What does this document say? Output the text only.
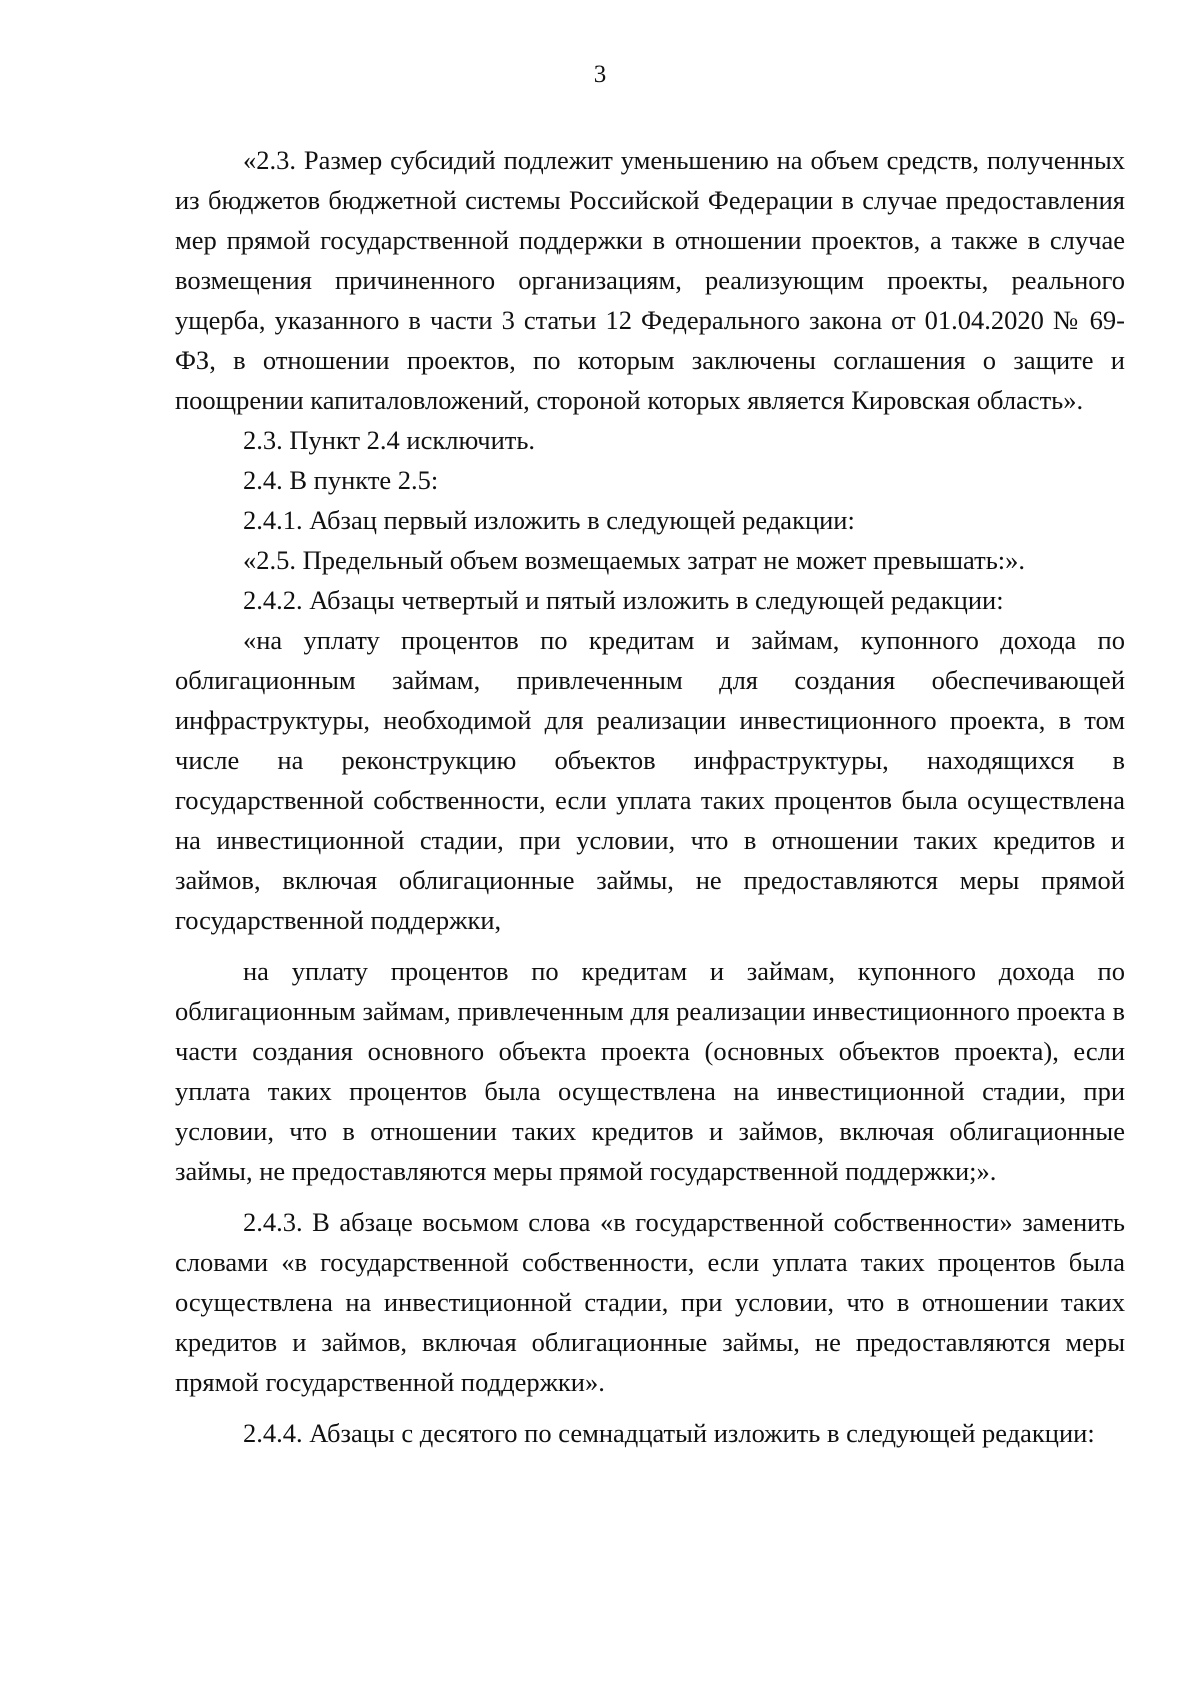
3

«2.3. Размер субсидий подлежит уменьшению на объем средств, полученных из бюджетов бюджетной системы Российской Федерации в случае предоставления мер прямой государственной поддержки в отношении проектов, а также в случае возмещения причиненного организациям, реализующим проекты, реального ущерба, указанного в части 3 статьи 12 Федерального закона от 01.04.2020 № 69-ФЗ, в отношении проектов, по которым заключены соглашения о защите и поощрении капиталовложений, стороной которых является Кировская область».

2.3. Пункт 2.4 исключить.

2.4. В пункте 2.5:

2.4.1. Абзац первый изложить в следующей редакции:

«2.5. Предельный объем возмещаемых затрат не может превышать:».

2.4.2. Абзацы четвертый и пятый изложить в следующей редакции:

«на уплату процентов по кредитам и займам, купонного дохода по облигационным займам, привлеченным для создания обеспечивающей инфраструктуры, необходимой для реализации инвестиционного проекта, в том числе на реконструкцию объектов инфраструктуры, находящихся в государственной собственности, если уплата таких процентов была осуществлена на инвестиционной стадии, при условии, что в отношении таких кредитов и займов, включая облигационные займы, не предоставляются меры прямой государственной поддержки,

на уплату процентов по кредитам и займам, купонного дохода по облигационным займам, привлеченным для реализации инвестиционного проекта в части создания основного объекта проекта (основных объектов проекта), если уплата таких процентов была осуществлена на инвестиционной стадии, при условии, что в отношении таких кредитов и займов, включая облигационные займы, не предоставляются меры прямой государственной поддержки;».

2.4.3. В абзаце восьмом слова «в государственной собственности» заменить словами «в государственной собственности, если уплата таких процентов была осуществлена на инвестиционной стадии, при условии, что в отношении таких кредитов и займов, включая облигационные займы, не предоставляются меры прямой государственной поддержки».

2.4.4. Абзацы с десятого по семнадцатый изложить в следующей редакции:
